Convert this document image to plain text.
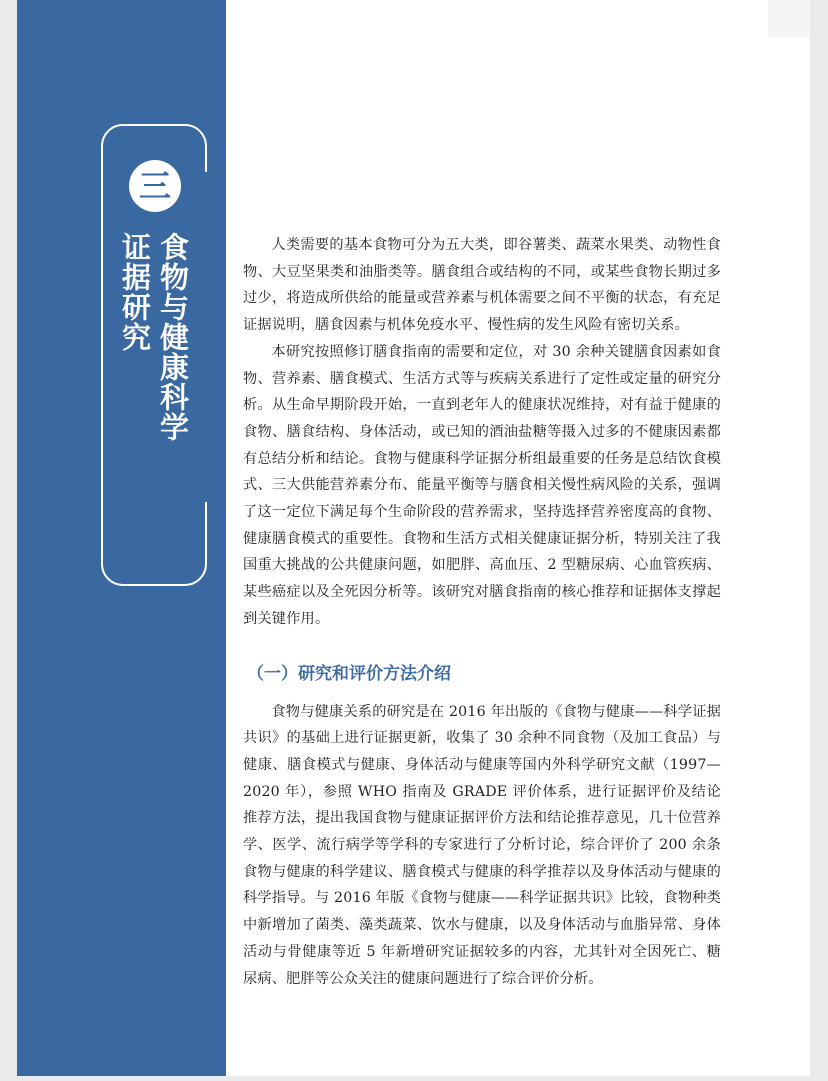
三
食物与健康科学
证据研究	人类需要的基本食物可分为五大类，即谷薯类、蔬菜水果类、动物性食物、大豆坚果类和油脂类等。膳食组合或结构的不同，或某些食物长期过多过少，将造成所供给的能量或营养素与机体需要之间不平衡的状态，有充足证据说明，膳食因素与机体免疫水平、慢性病的发生风险有密切关系。

本研究按照修订膳食指南的需要和定位，对 30 余种关键膳食因素如食物、营养素、膳食模式、生活方式等与疾病关系进行了定性或定量的研究分析。从生命早期阶段开始，一直到老年人的健康状况维持，对有益于健康的食物、膳食结构、身体活动，或已知的酒油盐糖等摄入过多的不健康因素都有总结分析和结论。食物与健康科学证据分析组最重要的任务是总结饮食模式、三大供能营养素分布、能量平衡等与膳食相关慢性病风险的关系，强调了这一定位下满足每个生命阶段的营养需求，坚持选择营养密度高的食物、健康膳食模式的重要性。食物和生活方式相关健康证据分析，特别关注了我国重大挑战的公共健康问题，如肥胖、高血压、2 型糖尿病、心血管疾病、某些癌症以及全死因分析等。该研究对膳食指南的核心推荐和证据体支撑起到关键作用。

（一）研究和评价方法介绍

食物与健康关系的研究是在 2016 年出版的《食物与健康——科学证据共识》的基础上进行证据更新，收集了 30 余种不同食物（及加工食品）与健康、膳食模式与健康、身体活动与健康等国内外科学研究文献（1997—2020 年），参照 WHO 指南及 GRADE 评价体系，进行证据评价及结论推荐方法，提出我国食物与健康证据评价方法和结论推荐意见，几十位营养学、医学、流行病学等学科的专家进行了分析讨论，综合评价了 200 余条食物与健康的科学建议、膳食模式与健康的科学推荐以及身体活动与健康的科学指导。与 2016 年版《食物与健康——科学证据共识》比较，食物种类中新增加了菌类、藻类蔬菜、饮水与健康，以及身体活动与血脂异常、身体活动与骨健康等近 5 年新增研究证据较多的内容，尤其针对全因死亡、糖尿病、肥胖等公众关注的健康问题进行了综合评价分析。
